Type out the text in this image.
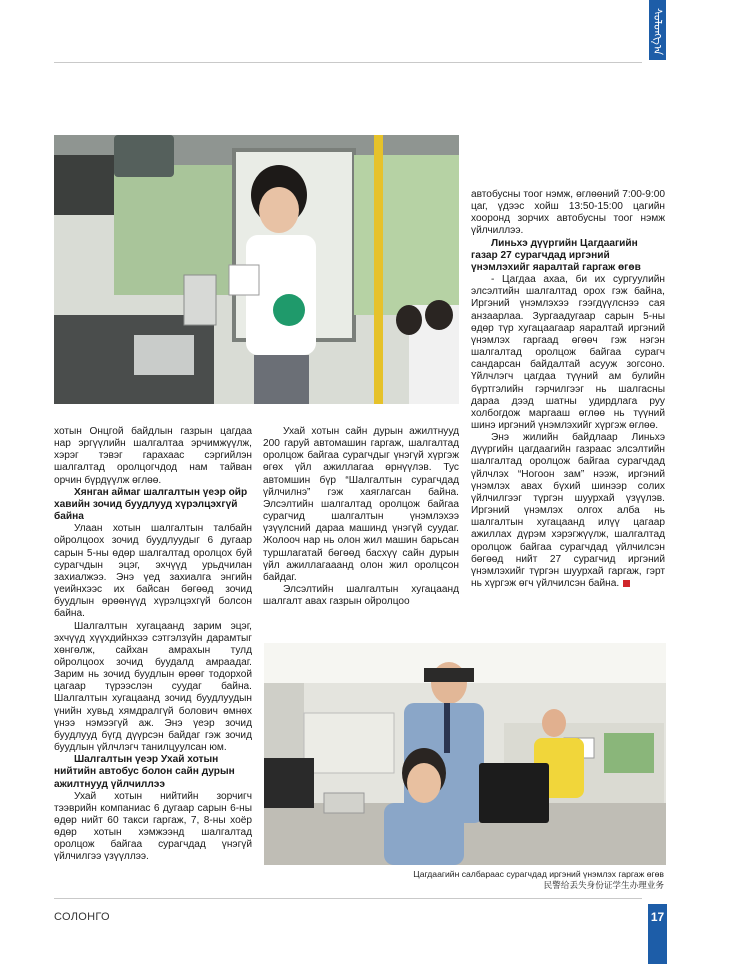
ᠰᠤᠯᠤᠩᠭ᠎ᠠ

хотын Онцгой байдлын газрын цагдаа нар эргүүлийн шалгалтаа эрчимжүүлж, хэрэг тэвэг гарахаас сэргийлэн шалгалтад оролцогчдод нам тайван орчин бүрдүүлж өглөө.

Хянган аймаг шалгалтын үеэр ойр хавийн зочид буудлууд хүрэлцэхгүй байна

Улаан хотын шалгалтын талбайн ойролцоох зочид буудлуудыг 6 дугаар сарын 5-ны өдөр шалгалтад оролцох буй сурагчдын эцэг, эхчүүд урьдчилан захиалжээ. Энэ үед захиалга энгийн үеийнхээс их байсан бөгөөд зочид буудлын өрөөнүүд хүрэлцэхгүй болсон байна.

Шалгалтын хугацаанд зарим эцэг, эхчүүд хүүхдийнхээ сэтгэлзүйн дарамтыг хөнгөлж, сайхан амрахын тулд ойролцоох зочид буудалд амраадаг. Зарим нь зочид буудлын өрөөг тодорхой цагаар түрээслэн суудаг байна. Шалгалтын хугацаанд зочид буудлуудын үнийн хувьд хямдралгүй болович өмнөх үнээ нэмээгүй аж. Энэ үеэр зочид буудлууд бүгд дүүрсэн байдаг гэж зочид буудлын үйлчлэгч танилцуулсан юм.

Шалгалтын үеэр Ухай хотын нийтийн автобус болон сайн дурын ажилтнууд үйлчиллээ

Ухай хотын нийтийн зорчигч тээврийн компаниас 6 дугаар сарын 6-ны өдөр нийт 60 такси гаргаж, 7, 8-ны хоёр өдөр хотын хэмжээнд шалгалтад оролцож байгаа сурагчдад үнэгүй үйлчилгээ үзүүллээ.

Ухай хотын сайн дурын ажилтнууд 200 гаруй автомашин гаргаж, шалгалтад оролцож байгаа сурагчдыг үнэгүй хүргэж өгөх үйл ажиллагаа өрнүүлэв. Тус автомшин бүр “Шалгалтын сурагчдад үйлчилнэ” гэж хаяглагсан байна. Элсэлтийн шалгалтад оролцож байгаа сурагчид шалгалтын үнэмлэхээ үзүүлсний дараа машинд үнэгүй суудаг. Жолооч нар нь олон жил машин барьсан туршлагатай бөгөөд басхүү сайн дурын үйл ажиллагааанд олон жил оролцсон байдаг.

Элсэлтийн шалгалтын хугацаанд шалгалт авах газрын ойролцоо

автобусны тоог нэмж, өглөөний 7:00-9:00 цаг, үдээс хойш 13:50-15:00 цагийн хооронд зорчих автобусны тоог нэмж үйлчиллээ.

Линьхэ дүүргийн Цагдаагийн газар 27 сурагчдад иргэний үнэмлэхийг яаралтай гаргаж өгөв

- Цагдаа ахаа, би их сургуулийн элсэлтийн шалгалтад орох гэж байна, Иргэний үнэмлэхээ гээгдүүлснээ сая анзаарлаа. Зургаадугаар сарын 5-ны өдөр түр хугацаагаар яаралтай иргэний үнэмлэх гаргаад өгөөч гэж нэгэн шалгалтад оролцож байгаа сурагч сандарсан байдалтай асууж зогсоно. Үйлчлэгч цагдаа түүний ам булийн бүртгэлийн гэрчилгээг нь шалгасны дараа дээд шатны удирдлага руу холбогдож маргааш өглөө нь түүний шинэ иргэний үнэмлэхийг хүргэж өглөө.

Энэ жилийн байдлаар Линьхэ дүүргийн цагдаагийн газраас элсэлтийн шалгалтад оролцож байгаа сурагчдад үйлчлэх “Ногоон зам” нээж, иргэний үнэмлэх авах бүхий шинээр солих үйлчилгээг түргэн шуурхай үзүүлэв. Иргэний үнэмлэх олгох алба нь шалгалтын хугацаанд илүү цагаар ажиллах дүрэм хэрэгжүүлж, шалгалтад оролцож байгаа сурагчдад үйлчилсэн бөгөөд нийт 27 сурагчид иргэний үнэмлэхийг түргэн шуурхай гаргаж, гэрт нь хүргэж өгч үйлчилсэн байна.

Цагдаагийн салбараас сурагчдад иргэний үнэмлэх гаргаж өгөв
民警给丢失身份证学生办理业务
СОЛОНГО	17
